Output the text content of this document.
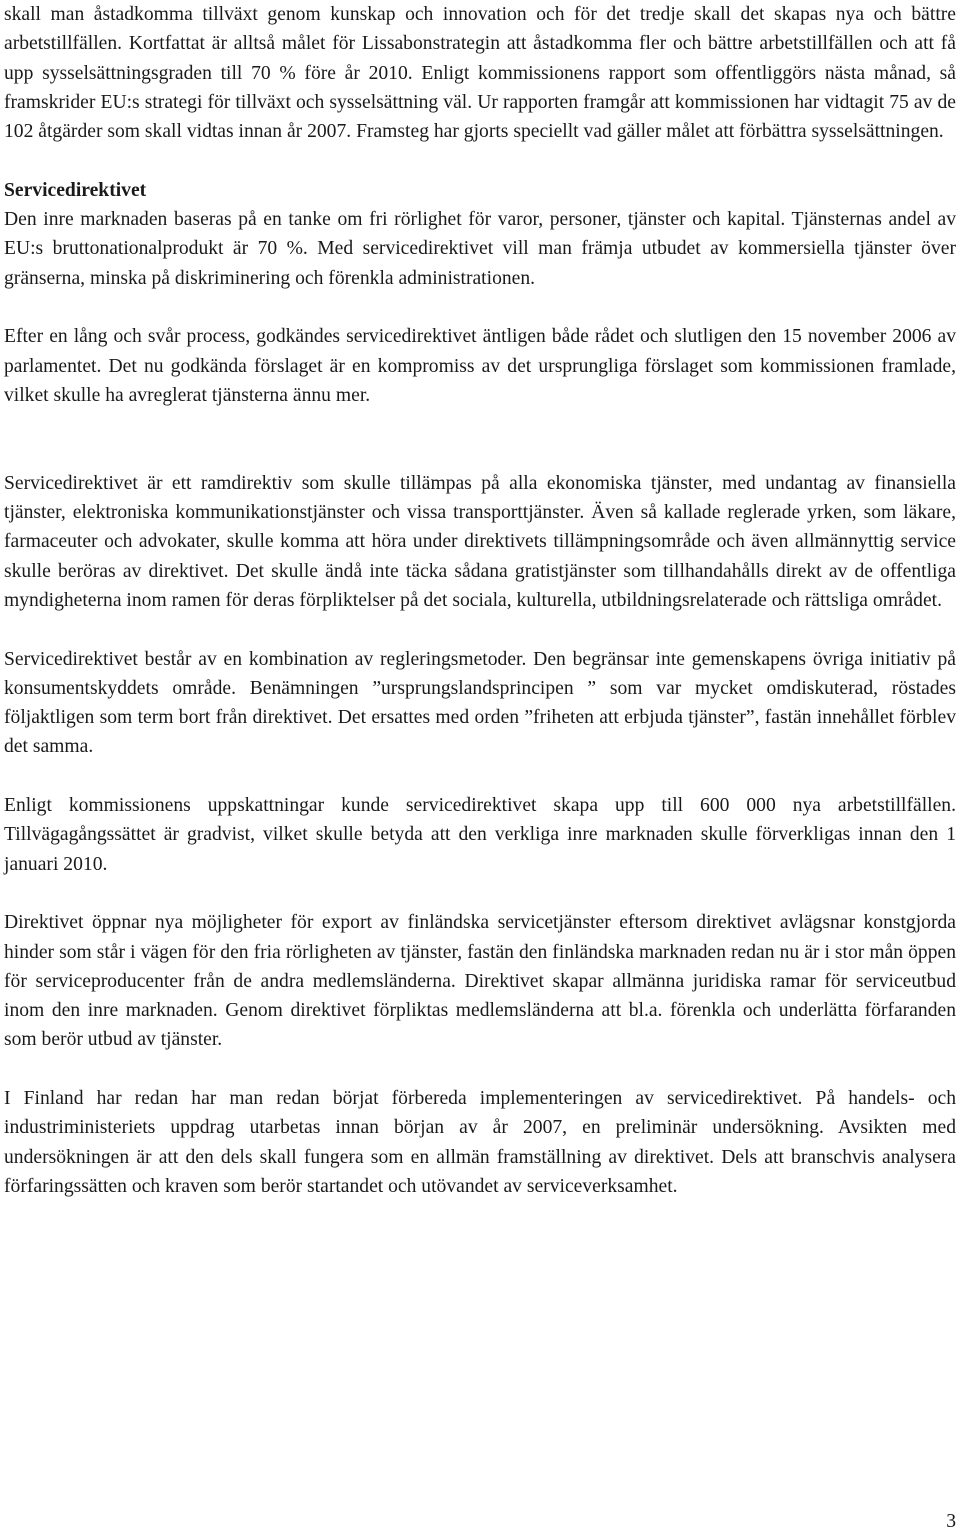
skall man åstadkomma tillväxt genom kunskap och innovation och för det tredje skall det skapas nya och bättre arbetstillfällen. Kortfattat är alltså målet för Lissabonstrategin att åstadkomma fler och bättre arbetstillfällen och att få upp sysselsättningsgraden till 70 % före år 2010. Enligt kommissionens rapport som offentliggörs nästa månad, så framskrider EU:s strategi för tillväxt och sysselsättning väl. Ur rapporten framgår att kommissionen har vidtagit 75 av de 102 åtgärder som skall vidtas innan år 2007. Framsteg har gjorts speciellt vad gäller målet att förbättra sysselsättningen.

Servicedirektivet

Den inre marknaden baseras på en tanke om fri rörlighet för varor, personer, tjänster och kapital. Tjänsternas andel av EU:s bruttonationalprodukt är 70 %. Med servicedirektivet vill man främja utbudet av kommersiella tjänster över gränserna, minska på diskriminering och förenkla administrationen.

Efter en lång och svår process, godkändes servicedirektivet äntligen både rådet och slutligen den 15 november 2006 av parlamentet. Det nu godkända förslaget är en kompromiss av det ursprungliga förslaget som kommissionen framlade, vilket skulle ha avreglerat tjänsterna ännu mer.

Servicedirektivet är ett ramdirektiv som skulle tillämpas på alla ekonomiska tjänster, med undantag av finansiella tjänster, elektroniska kommunikationstjänster och vissa transporttjänster. Även så kallade reglerade yrken, som läkare, farmaceuter och advokater, skulle komma att höra under direktivets tillämpningsområde och även allmännyttig service skulle beröras av direktivet. Det skulle ändå inte täcka sådana gratistjänster som tillhandahålls direkt av de offentliga myndigheterna inom ramen för deras förpliktelser på det sociala, kulturella, utbildningsrelaterade och rättsliga området.

Servicedirektivet består av en kombination av regleringsmetoder. Den begränsar inte gemenskapens övriga initiativ på konsumentskyddets område. Benämningen ”ursprungslandsprincipen ” som var mycket omdiskuterad, röstades följaktligen som term bort från direktivet. Det ersattes med orden ”friheten att erbjuda tjänster”, fastän innehållet förblev det samma.

Enligt kommissionens uppskattningar kunde servicedirektivet skapa upp till 600 000 nya arbetstillfällen. Tillvägagångssättet är gradvist, vilket skulle betyda att den verkliga inre marknaden skulle förverkligas innan den 1 januari 2010.

Direktivet öppnar nya möjligheter för export av finländska servicetjänster eftersom direktivet avlägsnar konstgjorda hinder som står i vägen för den fria rörligheten av tjänster, fastän den finländska marknaden redan nu är i stor mån öppen för serviceproducenter från de andra medlemsländerna. Direktivet skapar allmänna juridiska ramar för serviceutbud inom den inre marknaden. Genom direktivet förpliktas medlemsländerna att bl.a. förenkla och underlätta förfaranden som berör utbud av tjänster.

I Finland har redan har man redan börjat förbereda implementeringen av servicedirektivet. På handels- och industriministeriets uppdrag utarbetas innan början av år 2007, en preliminär undersökning. Avsikten med undersökningen är att den dels skall fungera som en allmän framställning av direktivet. Dels att branschvis analysera förfaringssätten och kraven som berör startandet och utövandet av serviceverksamhet.

3
